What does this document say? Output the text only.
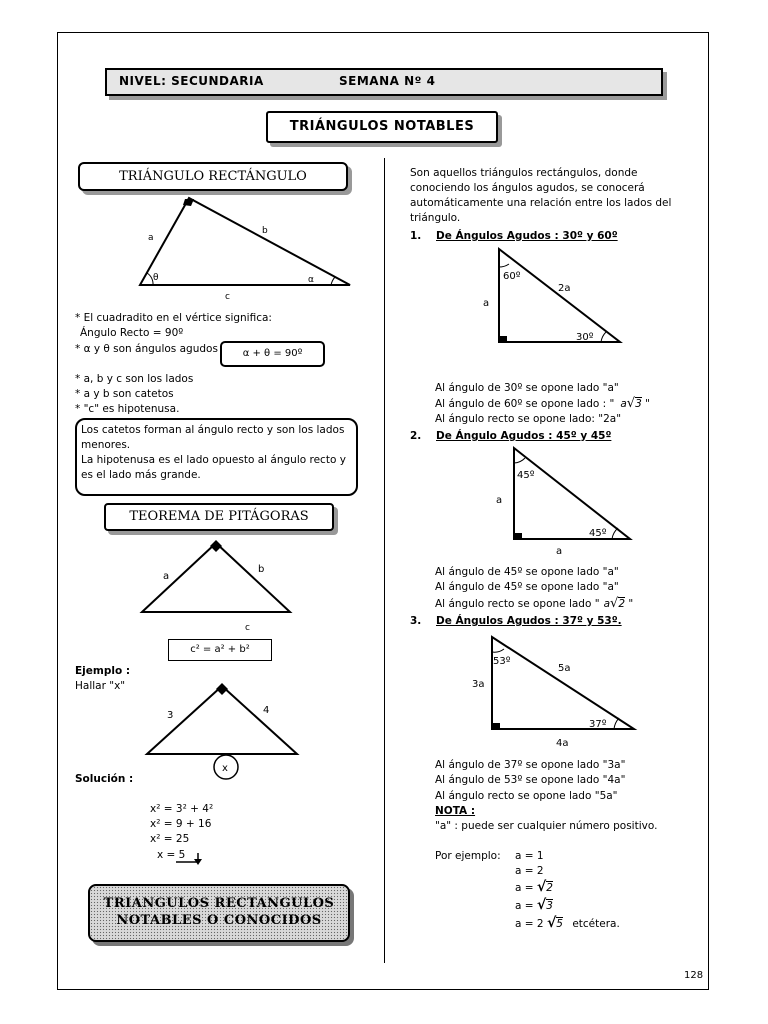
NIVEL: SECUNDARIA	SEMANA Nº 4
TRIÁNGULOS NOTABLES
TRIÁNGULO RECTÁNGULO
a
b
c
θ	α
* El cuadradito en el vértice significa:
Ángulo Recto = 90º
* α y θ son ángulos agudos	α + θ = 90º
* a, b y c son los lados
* a y b son catetos
* "c" es hipotenusa.
Los catetos forman al ángulo recto y son los lados
menores.
La hipotenusa es el lado opuesto al ángulo recto y
es el lado más grande.
TEOREMA DE PITÁGORAS
a
b
c
c² = a² + b²
Ejemplo :
Hallar "x"
3	4
x
Solución :
x² = 3² + 4²
x² = 9 + 16
x² = 25
x = 5
TRIANGULOS RECTANGULOS
NOTABLES O CONOCIDOS
Son aquellos triángulos rectángulos, donde
conociendo los ángulos agudos, se conocerá
automáticamente una relación entre los lados del
triángulo.
1. De Ángulos Agudos : 30º y 60º
60º
2a
a
30º
Al ángulo de 30º se opone lado "a"
Al ángulo de 60º se opone lado : " a√3 "
Al ángulo recto se opone lado: "2a"
2. De Ángulo Agudos : 45º y 45º
45º
a
45º
a
Al ángulo de 45º se opone lado "a"
Al ángulo de 45º se opone lado "a"
Al ángulo recto se opone lado " a√2 "
3. De Ángulos Agudos : 37º y 53º.
53º
5a
3a
37º
4a
Al ángulo de 37º se opone lado "3a"
Al ángulo de 53º se opone lado "4a"
Al ángulo recto se opone lado "5a"
NOTA :
"a" : puede ser cualquier número positivo.
Por ejemplo: a = 1
a = 2
a = √2
a = √3
a = 2 √5 etcétera.
128
